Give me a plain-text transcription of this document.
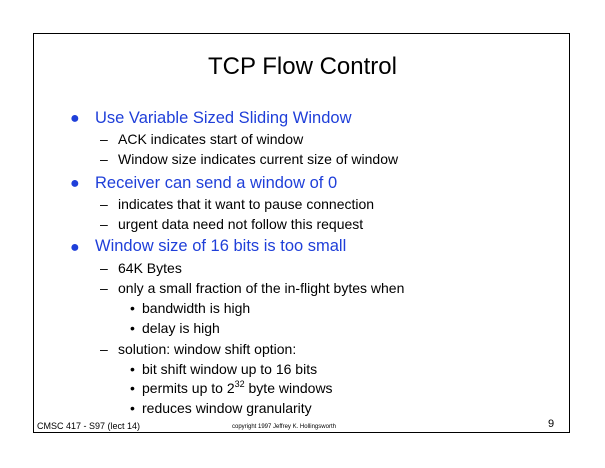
TCP Flow Control
● Use Variable Sized Sliding Window
– ACK indicates start of window
– Window size indicates current size of window
● Receiver can send a window of 0
– indicates that it want to pause connection
– urgent data need not follow this request
● Window size of 16 bits is too small
– 64K Bytes
– only a small fraction of the in-flight bytes when
• bandwidth is high
• delay is high
– solution: window shift option:
• bit shift window up to 16 bits
• permits up to $2^{32}$ byte windows
• reduces window granularity
CMSC 417 - S97 (lect 14)	copyright 1997 Jeffrey K. Hollingsworth	9
